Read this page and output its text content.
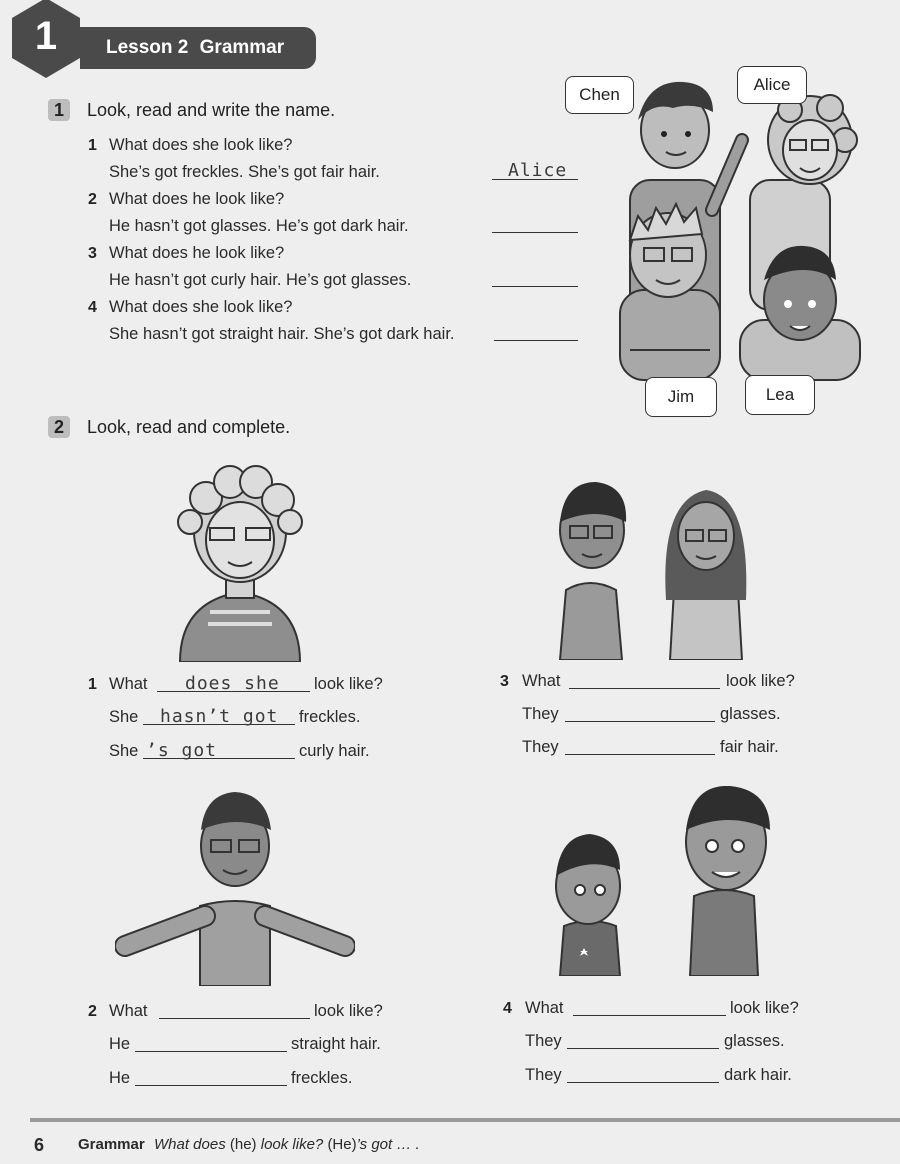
1	Lesson 2 Grammar
1	Look, read and write the name.
1 What does she look like?
She’s got freckles. She’s got fair hair.	Alice
2 What does he look like?
He hasn’t got glasses. He’s got dark hair.
3 What does he look like?
He hasn’t got curly hair. He’s got glasses.
4 What does she look like?
She hasn’t got straight hair. She’s got dark hair.
Chen
Alice
Jim	Lea
2	Look, read and complete.
1 What does she look like?
She hasn’t got freckles.
She ’s got	curly hair.
2 What	look like?
He	straight hair.
He	freckles.
3 What	look like?
They	glasses.
They	fair hair.
4 What	look like?
They	glasses.
They	dark hair.
6 Grammar What does (he) look like? (He)’s got … .
